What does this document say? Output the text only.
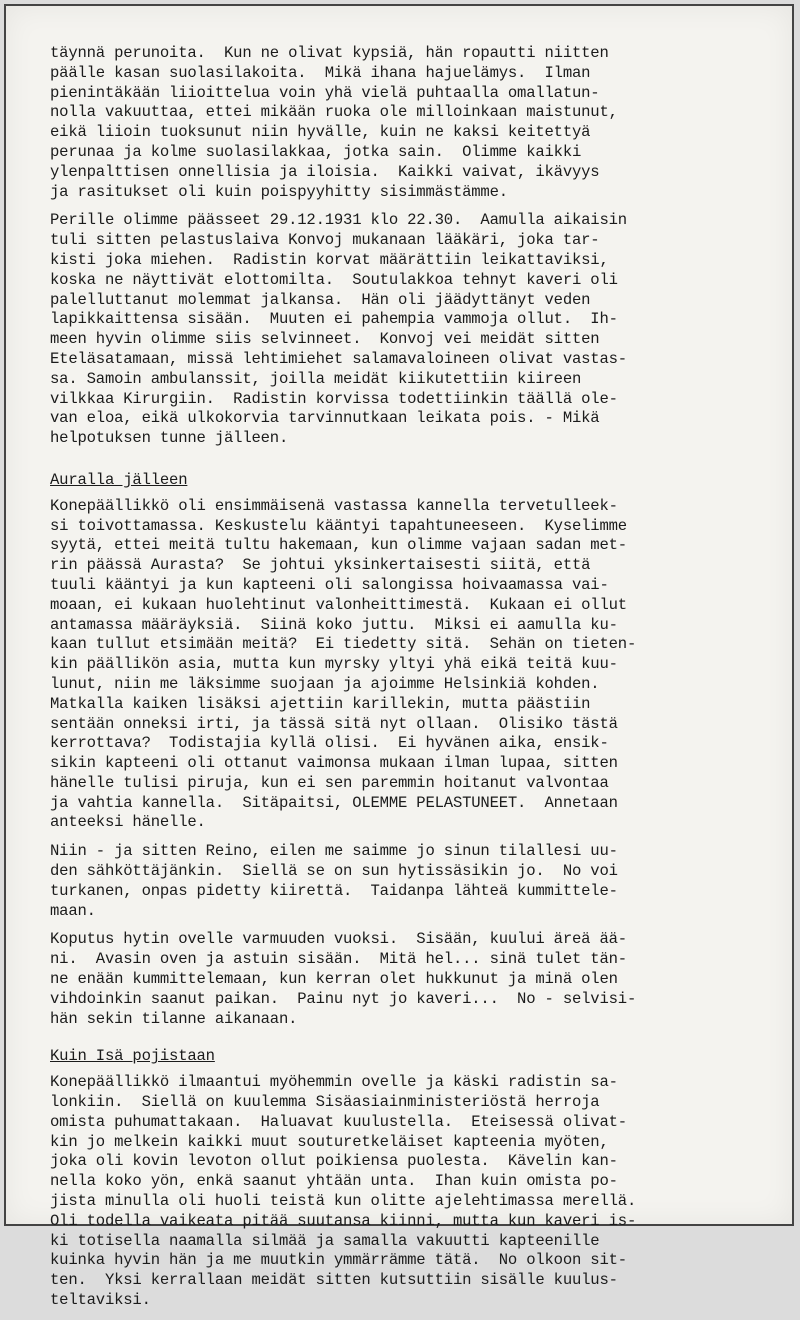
täynnä perunoita.  Kun ne olivat kypsiä, hän ropautti niitten
päälle kasan suolasilakoita.  Mikä ihana hajuelämys.  Ilman
pienintäkään liioittelua voin yhä vielä puhtaalla omallatun-
nolla vakuuttaa, ettei mikään ruoka ole milloinkaan maistunut,
eikä liioin tuoksunut niin hyvälle, kuin ne kaksi keitettyä
perunaa ja kolme suolasilakkaa, jotka sain.  Olimme kaikki
ylenpalttisen onnellisia ja iloisia.  Kaikki vaivat, ikävyys
ja rasitukset oli kuin poispyyhitty sisimmästämme.

Perille olimme päässeet 29.12.1931 klo 22.30.  Aamulla aikaisin
tuli sitten pelastuslaiva Konvoj mukanaan lääkäri, joka tar-
kisti joka miehen.  Radistin korvat määrättiin leikattaviksi,
koska ne näyttivät elottomilta.  Soutulakkoa tehnyt kaveri oli
palelluttanut molemmat jalkansa.  Hän oli jäädyttänyt veden
lapikkaittensa sisään.  Muuten ei pahempia vammoja ollut.  Ih-
meen hyvin olimme siis selvinneet.  Konvoj vei meidät sitten
Eteläsatamaan, missä lehtimiehet salamavaloineen olivat vastas-
sa. Samoin ambulanssit, joilla meidät kiikutettiin kiireen
vilkkaa Kirurgiin.  Radistin korvissa todettiinkin täällä ole-
van eloa, eikä ulkokorvia tarvinnutkaan leikata pois. - Mikä
helpotuksen tunne jälleen.

Auralla jälleen

Konepäällikkö oli ensimmäisenä vastassa kannella tervetulleek-
si toivottamassa. Keskustelu kääntyi tapahtuneeseen.  Kyselimme
syytä, ettei meitä tultu hakemaan, kun olimme vajaan sadan met-
rin päässä Aurasta?  Se johtui yksinkertaisesti siitä, että
tuuli kääntyi ja kun kapteeni oli salongissa hoivaamassa vai-
moaan, ei kukaan huolehtinut valonheittimestä.  Kukaan ei ollut
antamassa määräyksiä.  Siinä koko juttu.  Miksi ei aamulla ku-
kaan tullut etsimään meitä?  Ei tiedetty sitä.  Sehän on tieten-
kin päällikön asia, mutta kun myrsky yltyi yhä eikä teitä kuu-
lunut, niin me läksimme suojaan ja ajoimme Helsinkiä kohden.
Matkalla kaiken lisäksi ajettiin karillekin, mutta päästiin
sentään onneksi irti, ja tässä sitä nyt ollaan.  Olisiko tästä
kerrottava?  Todistajia kyllä olisi.  Ei hyvänen aika, ensik-
sikin kapteeni oli ottanut vaimonsa mukaan ilman lupaa, sitten
hänelle tulisi piruja, kun ei sen paremmin hoitanut valvontaa
ja vahtia kannella.  Sitäpaitsi, OLEMME PELASTUNEET.  Annetaan
anteeksi hänelle.

Niin - ja sitten Reino, eilen me saimme jo sinun tilallesi uu-
den sähköttäjänkin.  Siellä se on sun hytissäsikin jo.  No voi
turkanen, onpas pidetty kiirettä.  Taidanpa lähteä kummittele-
maan.

Koputus hytin ovelle varmuuden vuoksi.  Sisään, kuului äreä ää-
ni.  Avasin oven ja astuin sisään.  Mitä hel... sinä tulet tän-
ne enään kummittelemaan, kun kerran olet hukkunut ja minä olen
vihdoinkin saanut paikan.  Painu nyt jo kaveri...  No - selvisi-
hän sekin tilanne aikanaan.

Kuin Isä pojistaan

Konepäällikkö ilmaantui myöhemmin ovelle ja käski radistin sa-
lonkiin.  Siellä on kuulemma Sisäasiainministeriöstä herroja
omista puhumattakaan.  Haluavat kuulustella.  Eteisessä olivat-
kin jo melkein kaikki muut souturetkeläiset kapteenia myöten,
joka oli kovin levoton ollut poikiensa puolesta.  Kävelin kan-
nella koko yön, enkä saanut yhtään unta.  Ihan kuin omista po-
jista minulla oli huoli teistä kun olitte ajelehtimassa merellä.
Oli todella vaikeata pitää suutansa kiinni, mutta kun kaveri is-
ki totisella naamalla silmää ja samalla vakuutti kapteenille
kuinka hyvin hän ja me muutkin ymmärrämme tätä.  No olkoon sit-
ten.  Yksi kerrallaan meidät sitten kutsuttiin sisälle kuulus-
teltaviksi.
